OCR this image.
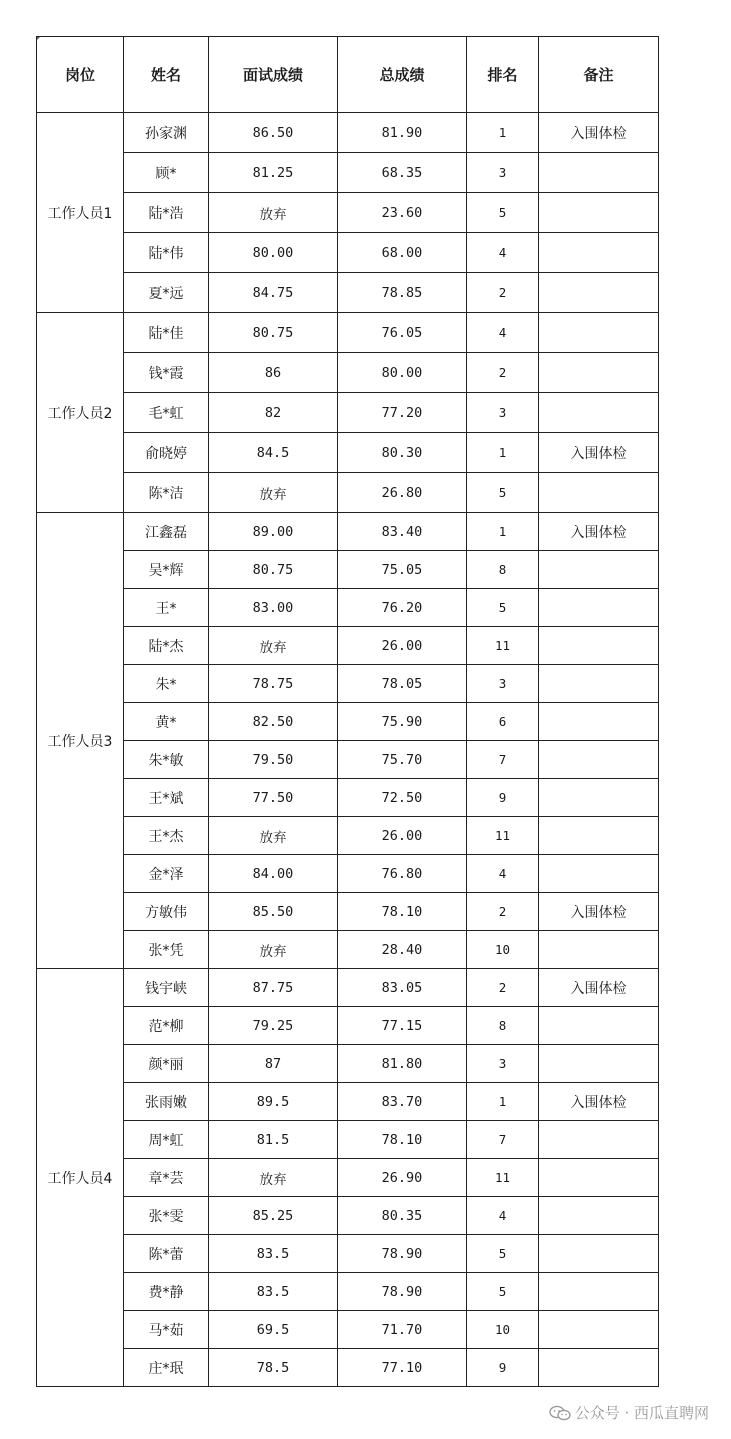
岗位	姓名	面试成绩	总成绩	排名	备注
工作人员1	孙家渊	86.50	81.90	1	入围体检
	顾*	81.25	68.35	3	
	陆*浩	放弃	23.60	5	
	陆*伟	80.00	68.00	4	
	夏*远	84.75	78.85	2	
工作人员2	陆*佳	80.75	76.05	4	
	钱*霞	86	80.00	2	
	毛*虹	82	77.20	3	
	俞晓婷	84.5	80.30	1	入围体检
	陈*洁	放弃	26.80	5	
工作人员3	江鑫磊	89.00	83.40	1	入围体检
	吴*辉	80.75	75.05	8	
	王*	83.00	76.20	5	
	陆*杰	放弃	26.00	11	
	朱*	78.75	78.05	3	
	黄*	82.50	75.90	6	
	朱*敏	79.50	75.70	7	
	王*斌	77.50	72.50	9	
	王*杰	放弃	26.00	11	
	金*泽	84.00	76.80	4	
	方敏伟	85.50	78.10	2	入围体检
	张*凭	放弃	28.40	10	
工作人员4	钱宇峡	87.75	83.05	2	入围体检
	范*柳	79.25	77.15	8	
	颜*丽	87	81.80	3	
	张雨嫩	89.5	83.70	1	入围体检
	周*虹	81.5	78.10	7	
	章*芸	放弃	26.90	11	
	张*雯	85.25	80.35	4	
	陈*蕾	83.5	78.90	5	
	费*静	83.5	78.90	5	
	马*茹	69.5	71.70	10	
	庄*珉	78.5	77.10	9	
公众号 · 西瓜直聘网
